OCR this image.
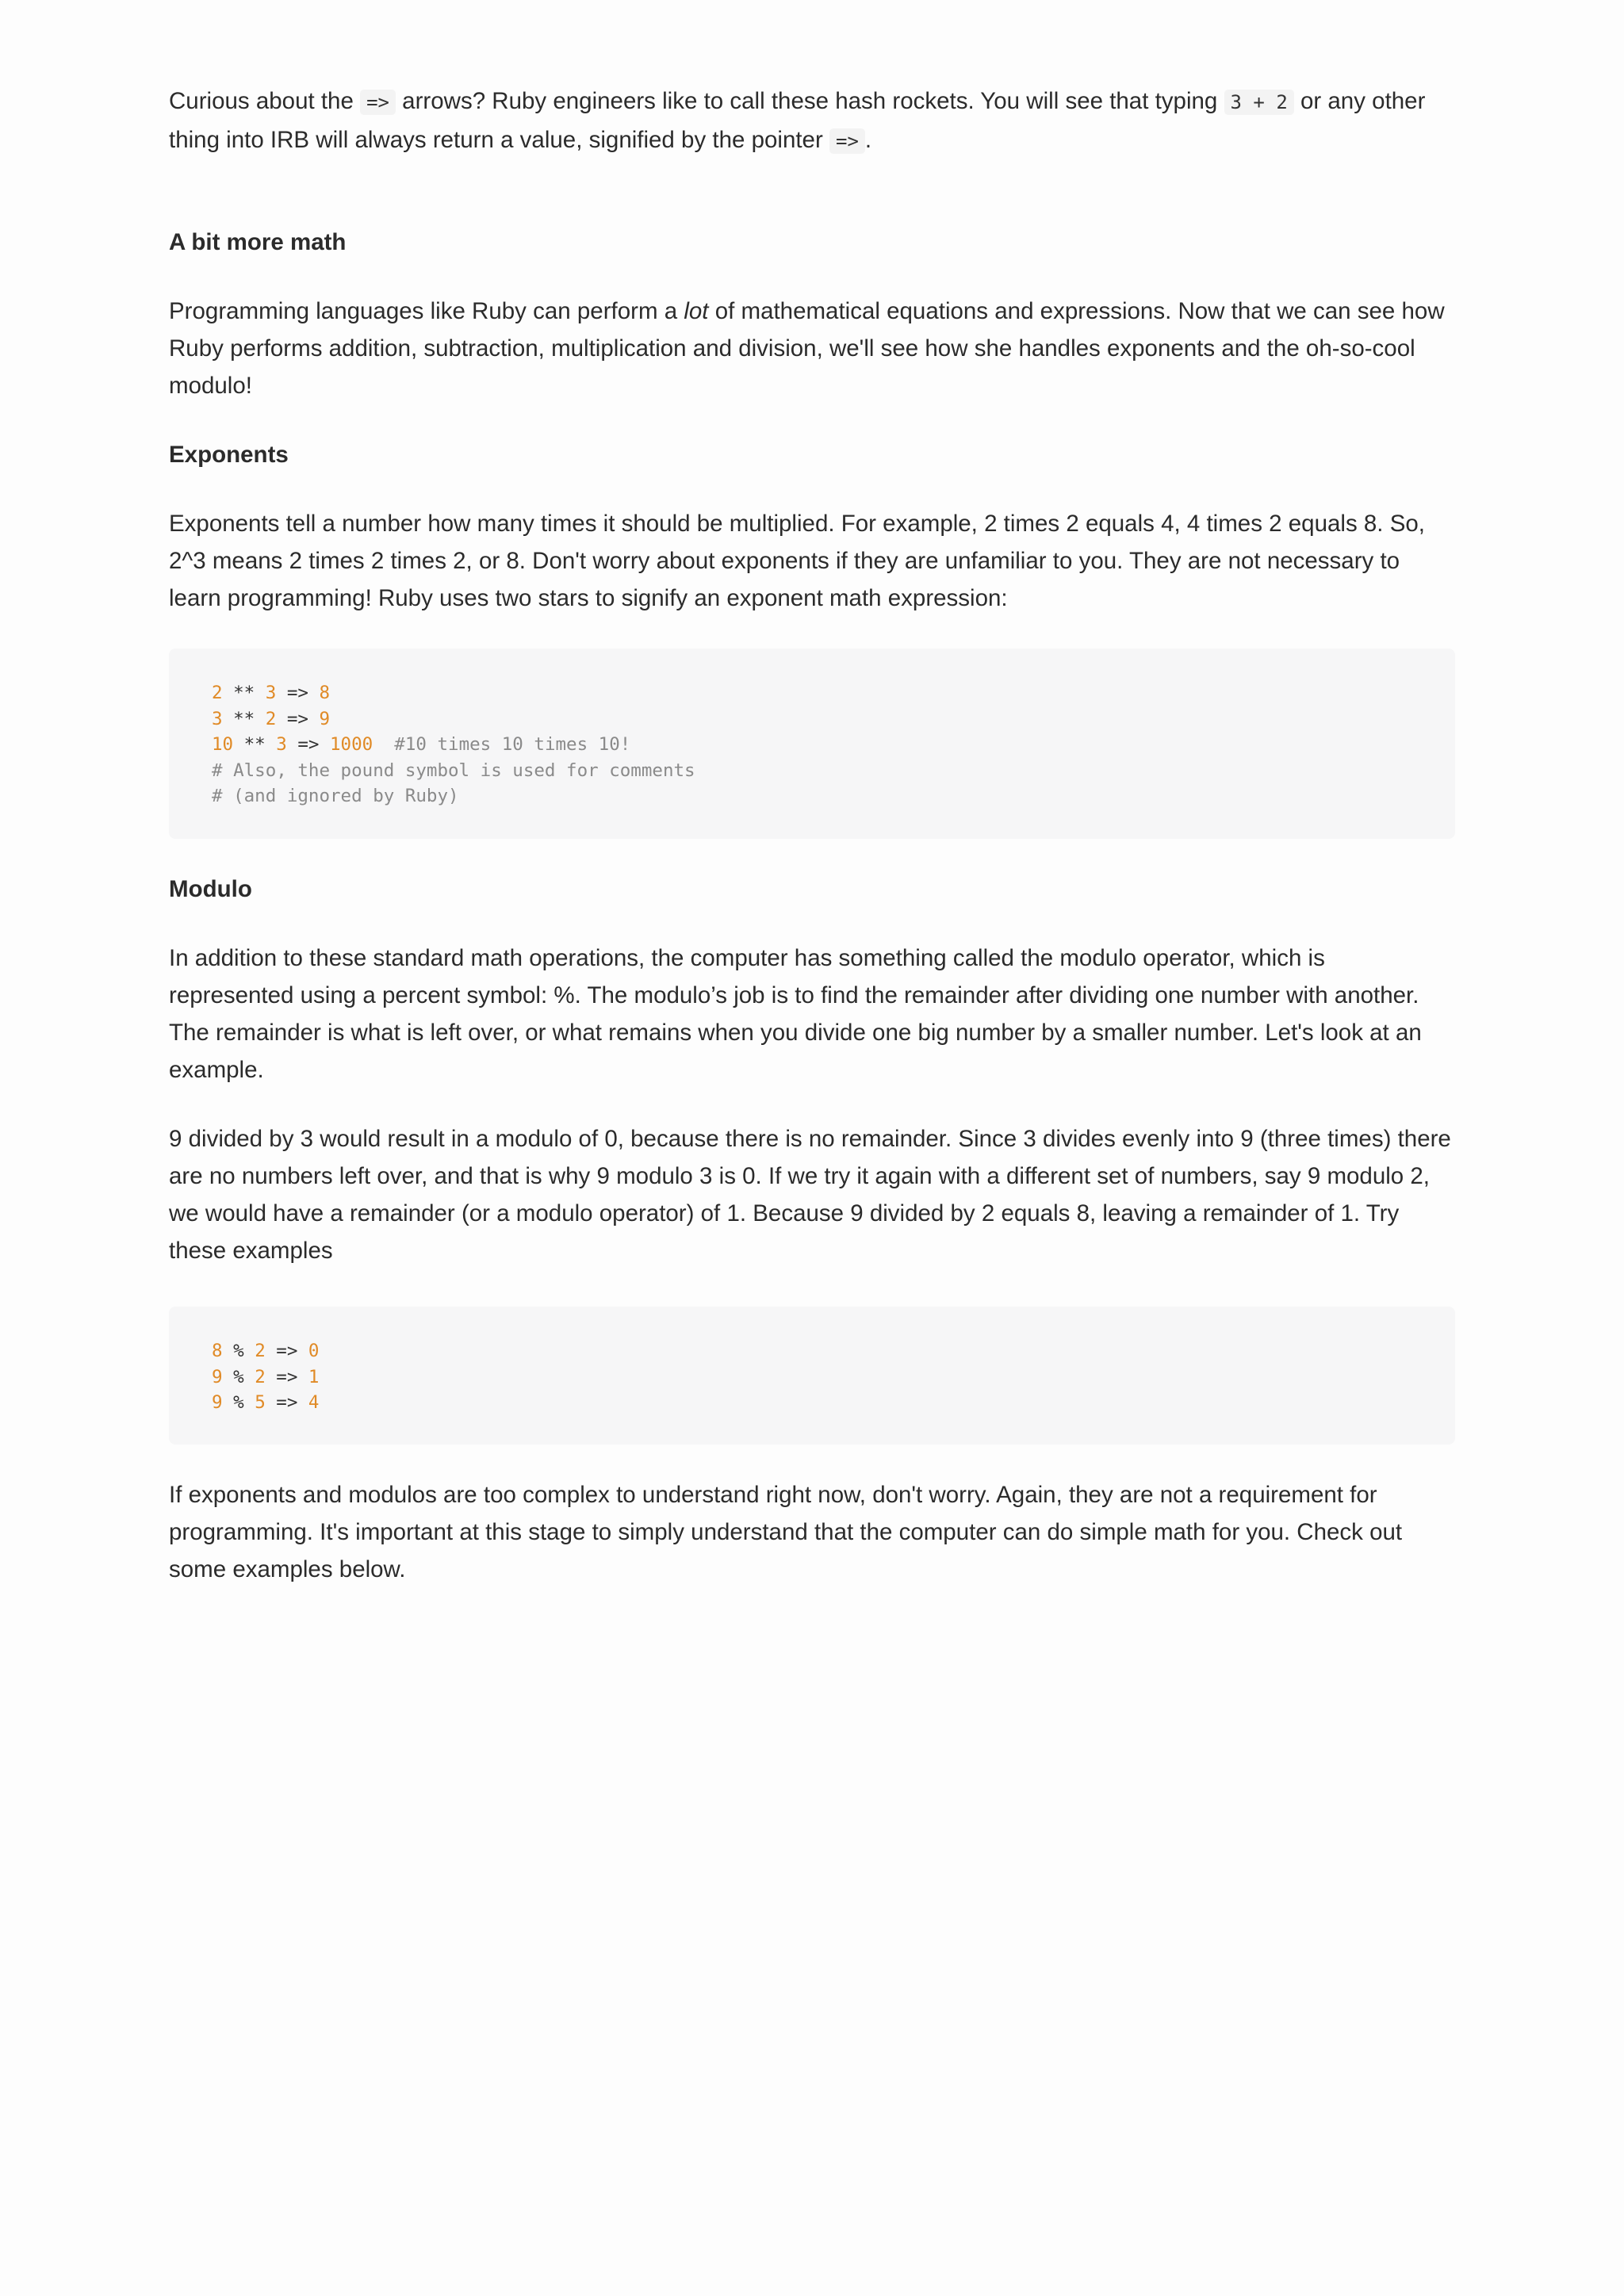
Curious about the => arrows? Ruby engineers like to call these hash rockets. You will see that typing 3 + 2 or any other thing into IRB will always return a value, signified by the pointer => .

A bit more math

Programming languages like Ruby can perform a lot of mathematical equations and expressions. Now that we can see how Ruby performs addition, subtraction, multiplication and division, we'll see how she handles exponents and the oh-so-cool modulo!

Exponents

Exponents tell a number how many times it should be multiplied. For example, 2 times 2 equals 4, 4 times 2 equals 8. So, 2^3 means 2 times 2 times 2, or 8. Don't worry about exponents if they are unfamiliar to you. They are not necessary to learn programming! Ruby uses two stars to signify an exponent math expression:

2 ** 3 => 8
3 ** 2 => 9
10 ** 3 => 1000  #10 times 10 times 10!
# Also, the pound symbol is used for comments
# (and ignored by Ruby)
Modulo

In addition to these standard math operations, the computer has something called the modulo operator, which is represented using a percent symbol: %. The modulo’s job is to find the remainder after dividing one number with another. The remainder is what is left over, or what remains when you divide one big number by a smaller number. Let's look at an example.

9 divided by 3 would result in a modulo of 0, because there is no remainder. Since 3 divides evenly into 9 (three times) there are no numbers left over, and that is why 9 modulo 3 is 0. If we try it again with a different set of numbers, say 9 modulo 2, we would have a remainder (or a modulo operator) of 1. Because 9 divided by 2 equals 8, leaving a remainder of 1. Try these examples

8 % 2 => 0
9 % 2 => 1
9 % 5 => 4

If exponents and modulos are too complex to understand right now, don't worry. Again, they are not a requirement for programming. It's important at this stage to simply understand that the computer can do simple math for you. Check out some examples below.
